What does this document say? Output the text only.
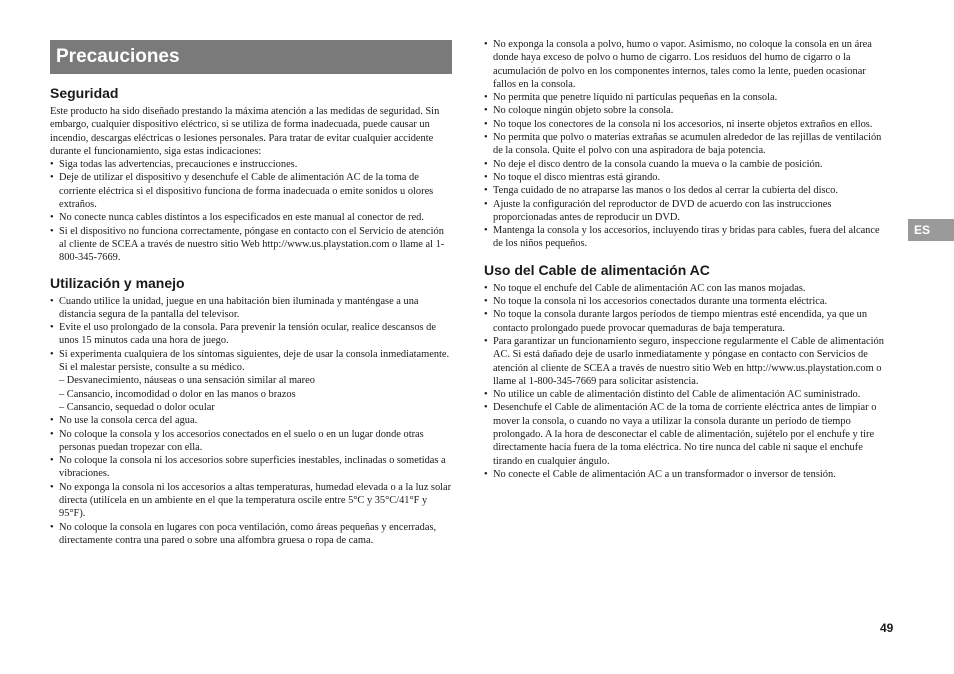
Precauciones
Seguridad

Este producto ha sido diseñado prestando la máxima atención a las medidas de seguridad. Sin embargo, cualquier dispositivo eléctrico, si se utiliza de forma inadecuada, puede causar un incendio, descargas eléctricas o lesiones personales. Para tratar de evitar cualquier accidente durante el funcionamiento, siga estas indicaciones:

• Siga todas las advertencias, precauciones e instrucciones.
• Deje de utilizar el dispositivo y desenchufe el Cable de alimentación AC de la toma de corriente eléctrica si el dispositivo funciona de forma inadecuada o emite sonidos u olores extraños.
• No conecte nunca cables distintos a los especificados en este manual al conector de red.
• Si el dispositivo no funciona correctamente, póngase en contacto con el Servicio de atención al cliente de SCEA a través de nuestro sitio Web http://www.us.playstation.com o llame al 1-800-345-7669.
Utilización y manejo
• Cuando utilice la unidad, juegue en una habitación bien iluminada y manténgase a una distancia segura de la pantalla del televisor.
• Evite el uso prolongado de la consola. Para prevenir la tensión ocular, realice descansos de unos 15 minutos cada una hora de juego.
• Si experimenta cualquiera de los síntomas siguientes, deje de usar la consola inmediatamente. Si el malestar persiste, consulte a su médico.
– Desvanecimiento, náuseas o una sensación similar al mareo
– Cansancio, incomodidad o dolor en las manos o brazos
– Cansancio, sequedad o dolor ocular
• No use la consola cerca del agua.
• No coloque la consola y los accesorios conectados en el suelo o en un lugar donde otras personas puedan tropezar con ella.
• No coloque la consola ni los accesorios sobre superficies inestables, inclinadas o sometidas a vibraciones.
• No exponga la consola ni los accesorios a altas temperaturas, humedad elevada o a la luz solar directa (utilícela en un ambiente en el que la temperatura oscile entre 5°C y 35°C/41°F y 95°F).
• No coloque la consola en lugares con poca ventilación, como áreas pequeñas y encerradas, directamente contra una pared o sobre una alfombra gruesa o ropa de cama.
• No exponga la consola a polvo, humo o vapor. Asimismo, no coloque la consola en un área donde haya exceso de polvo o humo de cigarro. Los residuos del humo de cigarro o la acumulación de polvo en los componentes internos, tales como la lente, pueden ocasionar fallos en la consola.
• No permita que penetre líquido ni partículas pequeñas en la consola.
• No coloque ningún objeto sobre la consola.
• No toque los conectores de la consola ni los accesorios, ni inserte objetos extraños en ellos.
• No permita que polvo o materias extrañas se acumulen alrededor de las rejillas de ventilación de la consola. Quite el polvo con una aspiradora de baja potencia.
• No deje el disco dentro de la consola cuando la mueva o la cambie de posición.
• No toque el disco mientras está girando.
• Tenga cuidado de no atraparse las manos o los dedos al cerrar la cubierta del disco.
• Ajuste la configuración del reproductor de DVD de acuerdo con las instrucciones proporcionadas antes de reproducir un DVD.
• Mantenga la consola y los accesorios, incluyendo tiras y bridas para cables, fuera del alcance de los niños pequeños.
Uso del Cable de alimentación AC
• No toque el enchufe del Cable de alimentación AC con las manos mojadas.
• No toque la consola ni los accesorios conectados durante una tormenta eléctrica.
• No toque la consola durante largos períodos de tiempo mientras esté encendida, ya que un contacto prolongado puede provocar quemaduras de baja temperatura.
• Para garantizar un funcionamiento seguro, inspeccione regularmente el Cable de alimentación AC. Si está dañado deje de usarlo inmediatamente y póngase en contacto con Servicios de atención al cliente de SCEA a través de nuestro sitio Web en http://www.us.playstation.com o llame al 1-800-345-7669 para solicitar asistencia.
• No utilice un cable de alimentación distinto del Cable de alimentación AC suministrado.
• Desenchufe el Cable de alimentación AC de la toma de corriente eléctrica antes de limpiar o mover la consola, o cuando no vaya a utilizar la consola durante un período de tiempo prolongado. A la hora de desconectar el cable de alimentación, sujételo por el enchufe y tire directamente hacia fuera de la toma eléctrica. No tire nunca del cable ni saque el enchufe tirando en cualquier ángulo.
• No conecte el Cable de alimentación AC a un transformador o inversor de tensión.
ES
49
